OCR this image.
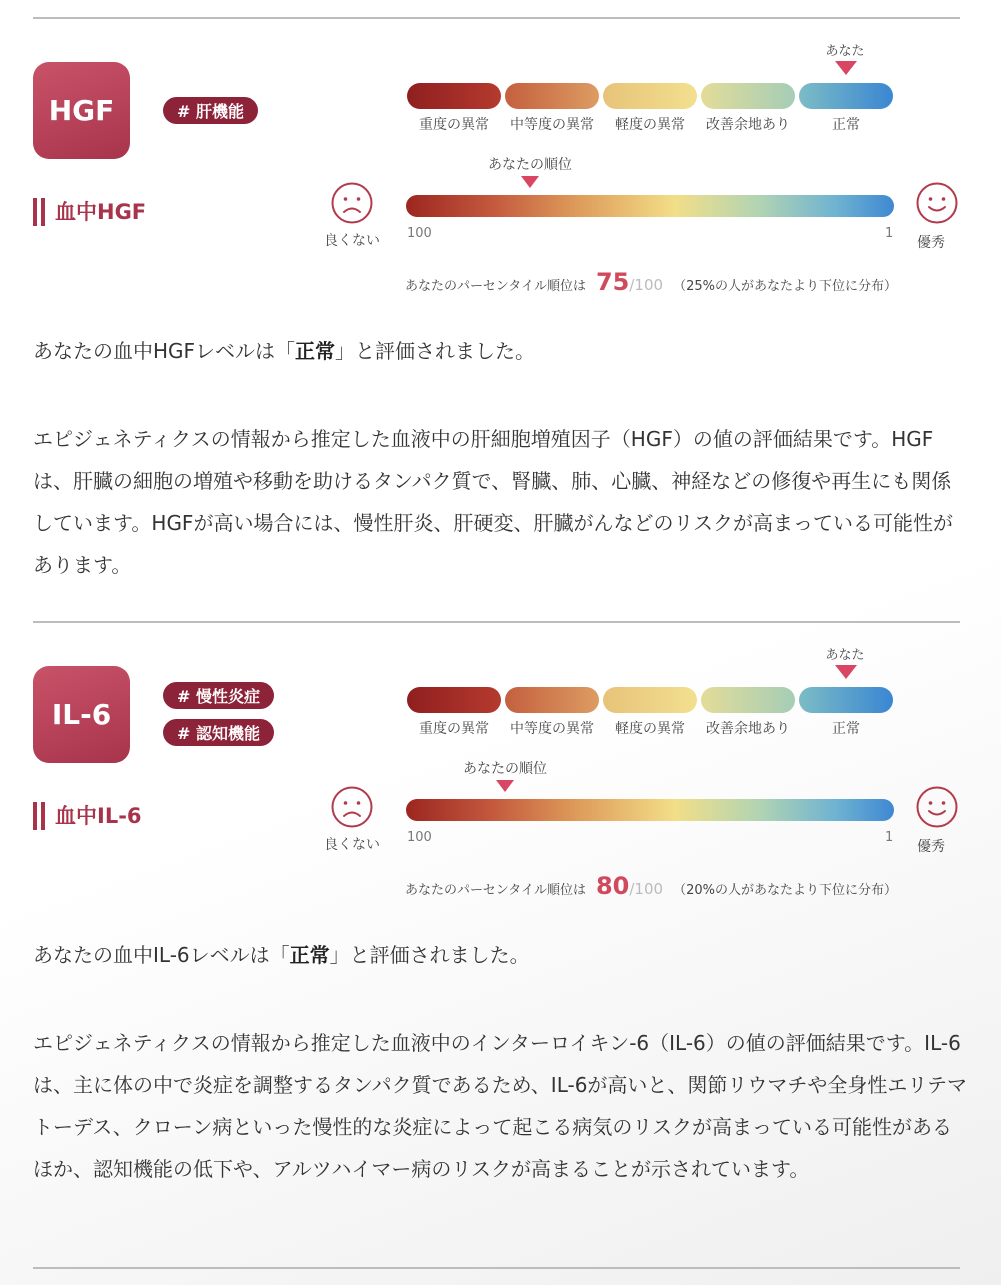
HGF	# 肝機能
血中HGF
あなた
重度の異常	中等度の異常	軽度の異常	改善余地あり	正常
あなたの順位
良くない	100	1
優秀
あなたのパーセンタイル順位は 75 /100 （25%の人があなたより下位に分布）
あなたの血中HGFレベルは「正常」と評価されました。
エピジェネティクスの情報から推定した血液中の肝細胞増殖因子（HGF）の値の評価結果です。HGFは、肝臓の細胞の増殖や移動を助けるタンパク質で、腎臓、肺、心臓、神経などの修復や再生にも関係しています。HGFが高い場合には、慢性肝炎、肝硬変、肝臓がんなどのリスクが高まっている可能性があります。
IL-6
# 慢性炎症
# 認知機能
血中IL-6
あなた
重度の異常	中等度の異常	軽度の異常	改善余地あり	正常
あなたの順位
良くない	100	1
優秀
あなたのパーセンタイル順位は 80 /100 （20%の人があなたより下位に分布）
あなたの血中IL-6レベルは「正常」と評価されました。
エピジェネティクスの情報から推定した血液中のインターロイキン-6（IL-6）の値の評価結果です。IL-6は、主に体の中で炎症を調整するタンパク質であるため、IL-6が高いと、関節リウマチや全身性エリテマトーデス、クローン病といった慢性的な炎症によって起こる病気のリスクが高まっている可能性があるほか、認知機能の低下や、アルツハイマー病のリスクが高まることが示されています。
